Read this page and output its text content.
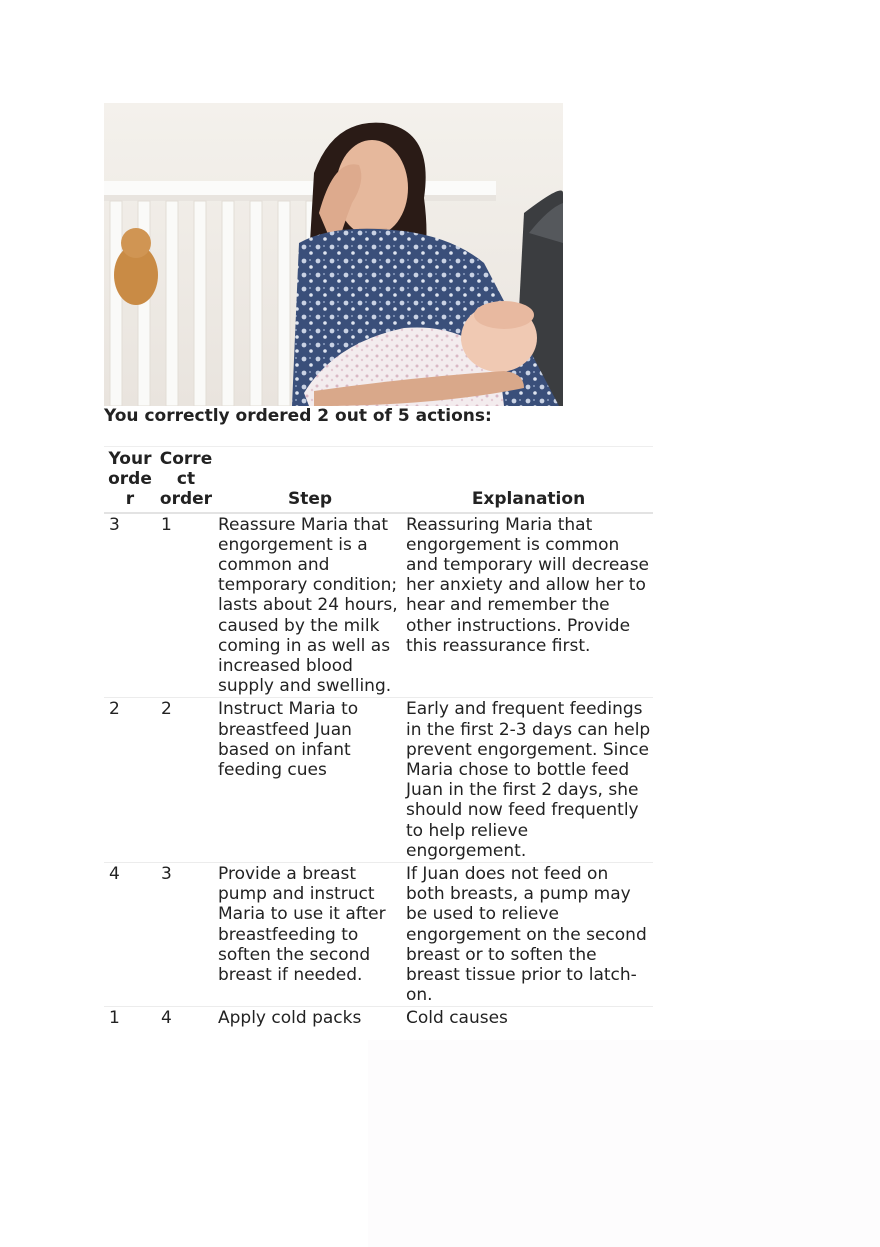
You correctly ordered 2 out of 5 actions:
Your orde r	Corre ct order	Step	Explanation
3	1	Reassure Maria that engorgement is a common and temporary condition; lasts about 24 hours, caused by the milk coming in as well as increased blood supply and swelling.	Reassuring Maria that engorgement is common and temporary will decrease her anxiety and allow her to hear and remember the other instructions. Provide this reassurance first.
2	2	Instruct Maria to breastfeed Juan based on infant feeding cues	Early and frequent feedings in the first 2-3 days can help prevent engorgement. Since Maria chose to bottle feed Juan in the first 2 days, she should now feed frequently to help relieve engorgement.
4	3	Provide a breast pump and instruct Maria to use it after breastfeeding to soften the second breast if needed.	If Juan does not feed on both breasts, a pump may be used to relieve engorgement on the second breast or to soften the breast tissue prior to latch-on.
1	4	Apply cold packs	Cold causes
